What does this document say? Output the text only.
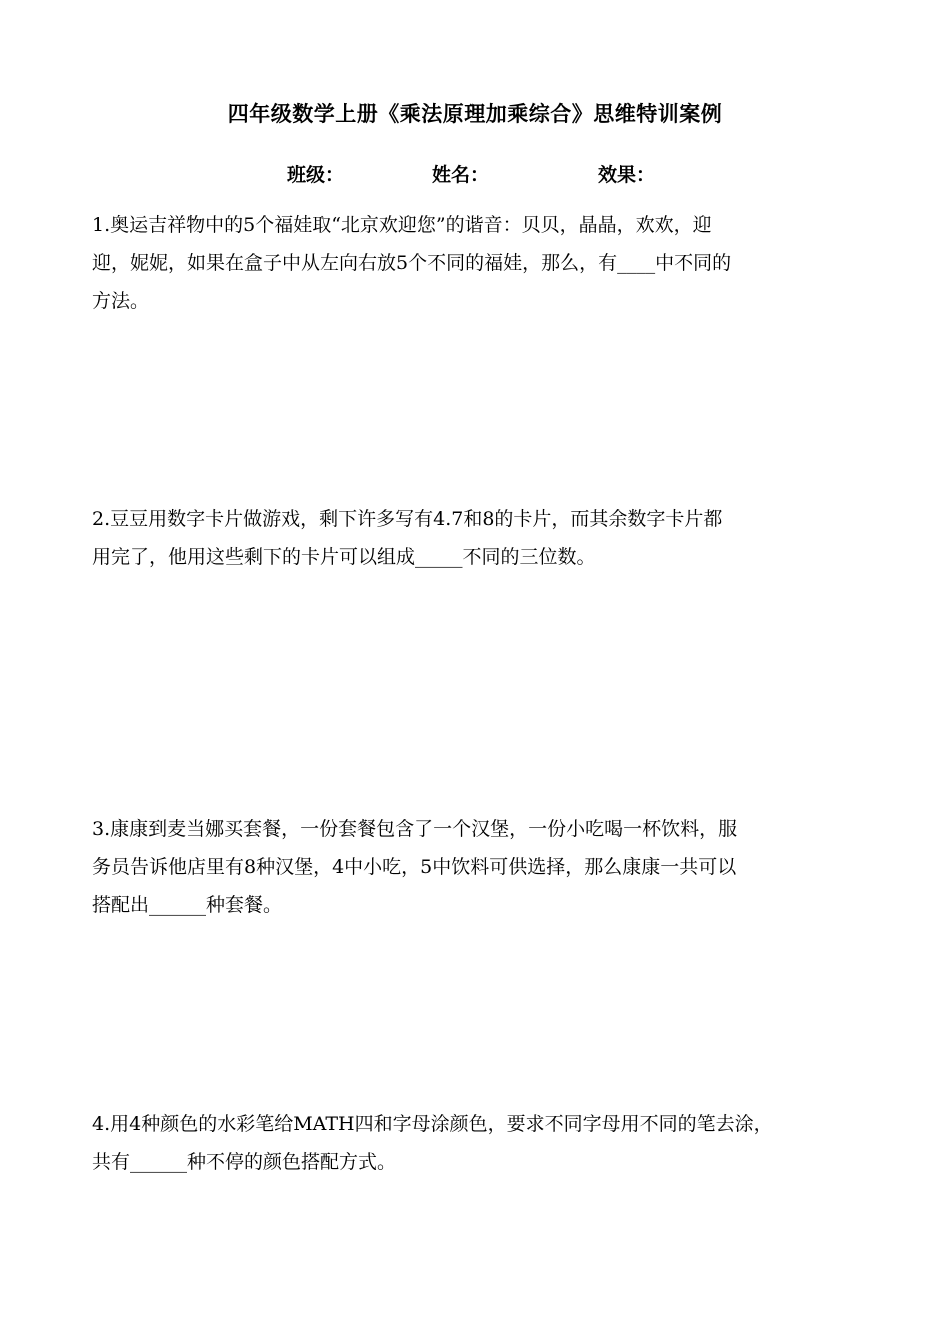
四年级数学上册《乘法原理加乘综合》思维特训案例
班级：	姓名：	效果：
1.奥运吉祥物中的5个福娃取“北京欢迎您”的谐音：贝贝，晶晶，欢欢，迎
迎，妮妮，如果在盒子中从左向右放5个不同的福娃，那么，有____中不同的
方法。
2.豆豆用数字卡片做游戏，剩下许多写有4.7和8的卡片，而其余数字卡片都
用完了，他用这些剩下的卡片可以组成_____不同的三位数。
3.康康到麦当娜买套餐，一份套餐包含了一个汉堡，一份小吃喝一杯饮料，服
务员告诉他店里有8种汉堡，4中小吃，5中饮料可供选择，那么康康一共可以
搭配出______种套餐。
4.用4种颜色的水彩笔给MATH四和字母涂颜色，要求不同字母用不同的笔去涂，
共有______种不停的颜色搭配方式。
